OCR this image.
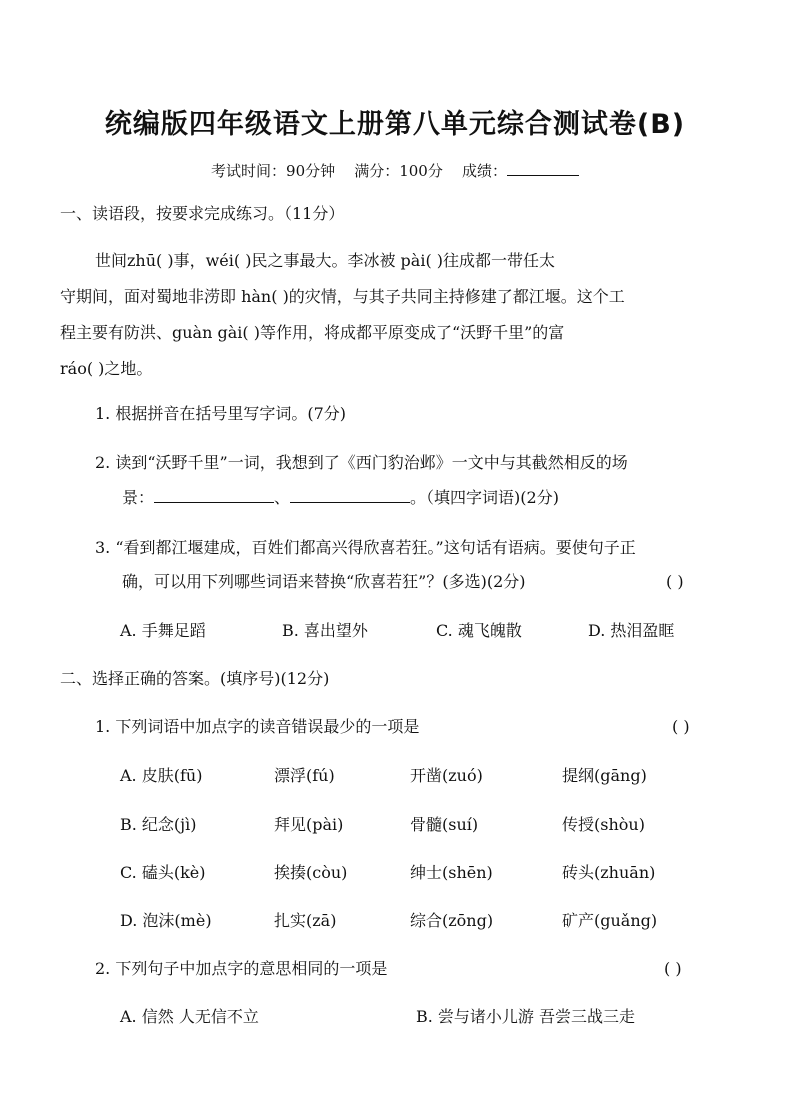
统编版四年级语文上册第八单元综合测试卷(B)
考试时间：90分钟 满分：100分 成绩：
一、读语段，按要求完成练习。（11分）
世间zhū( )事，wéi( )民之事最大。李冰被 pài( )往成都一带任太
守期间，面对蜀地非涝即 hàn( )的灾情，与其子共同主持修建了都江堰。这个工
程主要有防洪、guàn gài( )等作用，将成都平原变成了“沃野千里”的富
ráo( )之地。
1. 根据拼音在括号里写字词。(7分)
2. 读到“沃野千里”一词，我想到了《西门豹治邺》一文中与其截然相反的场
景：	、	。（填四字词语)(2分)
3. “看到都江堰建成，百姓们都高兴得欣喜若狂。”这句话有语病。要使句子正
确，可以用下列哪些词语来替换“欣喜若狂”？(多选)(2分)	( )
A. 手舞足蹈	B. 喜出望外	C. 魂飞魄散	D. 热泪盈眶
二、选择正确的答案。(填序号)(12分)
1. 下列词语中加点字的读音错误最少的一项是	( )
A. 皮肤(fū)	漂浮(fú)	开凿(zuó)	提纲(gāng)
B. 纪念(jì)	拜见(pài)	骨髓(suí)	传授(shòu)
C. 磕头(kè)	挨揍(còu)	绅士(shēn)	砖头(zhuān)
D. 泡沫(mè)	扎实(zā)	综合(zōng)	矿产(guǎng)
2. 下列句子中加点字的意思相同的一项是	( )
A. 信然 人无信不立	B. 尝与诸小儿游 吾尝三战三走
